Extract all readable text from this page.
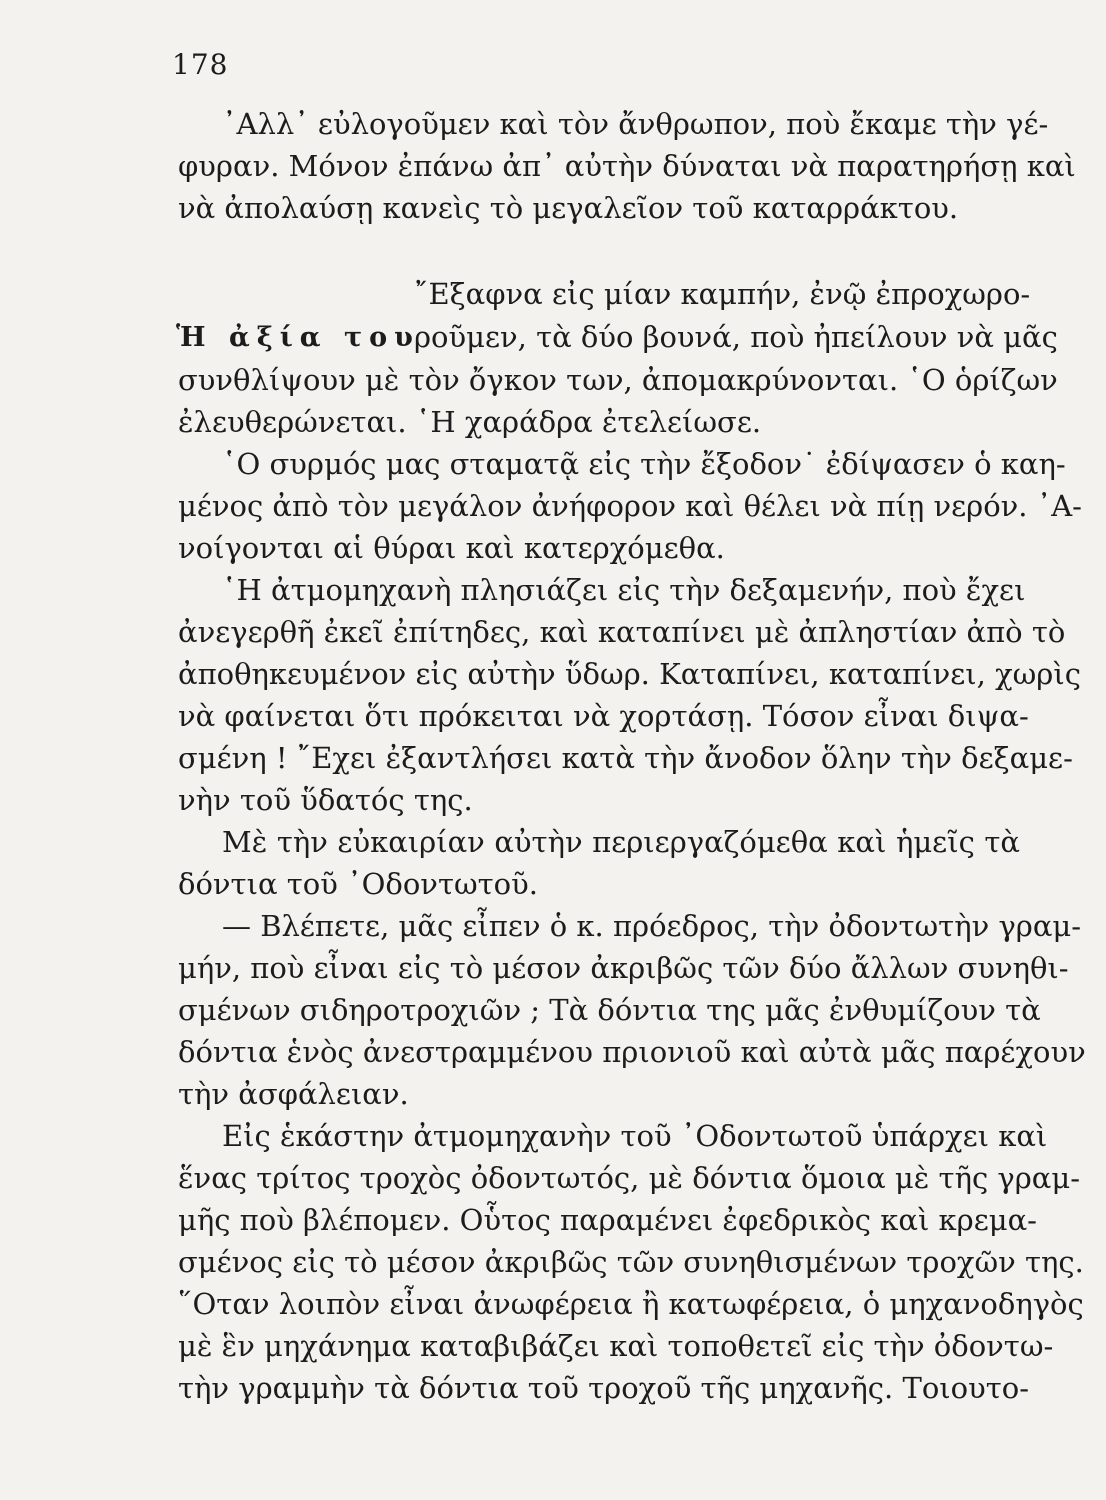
178
Ἡ ἀξία του
᾿Αλλ᾿ εὐλογοῦμεν καὶ τὸν ἄνθρωπον, ποὺ ἔκαμε τὴν γέ-
φυραν. Μόνον ἐπάνω ἀπ᾿ αὐτὴν δύναται νὰ παρατηρήσῃ καὶ
νὰ ἀπολαύσῃ κανεὶς τὸ μεγαλεῖον τοῦ καταρράκτου.
῎Εξαφνα εἰς μίαν καμπήν, ἐνῷ ἐπροχωρο-
ροῦμεν, τὰ δύο βουνά, ποὺ ἠπείλουν νὰ μᾶς
συνθλίψουν μὲ τὸν ὄγκον των, ἀπομακρύνονται. ῾Ο ὁρίζων
ἐλευθερώνεται. ῾Η χαράδρα ἐτελείωσε.
῾Ο συρμός μας σταματᾷ εἰς τὴν ἔξοδον˙ ἐδίψασεν ὁ καη-
μένος ἀπὸ τὸν μεγάλον ἀνήφορον καὶ θέλει νὰ πίῃ νερόν. ᾿Α-
νοίγονται αἱ θύραι καὶ κατερχόμεθα.
῾Η ἀτμομηχανὴ πλησιάζει εἰς τὴν δεξαμενήν, ποὺ ἔχει
ἀνεγερθῆ ἐκεῖ ἐπίτηδες, καὶ καταπίνει μὲ ἀπληστίαν ἀπὸ τὸ
ἀποθηκευμένον εἰς αὐτὴν ὕδωρ. Καταπίνει, καταπίνει, χωρὶς
νὰ φαίνεται ὅτι πρόκειται νὰ χορτάσῃ. Τόσον εἶναι διψα-
σμένη ! ῎Εχει ἐξαντλήσει κατὰ τὴν ἄνοδον ὅλην τὴν δεξαμε-
νὴν τοῦ ὕδατός της.
Μὲ τὴν εὐκαιρίαν αὐτὴν περιεργαζόμεθα καὶ ἡμεῖς τὰ
δόντια τοῦ ᾿Οδοντωτοῦ.
— Βλέπετε, μᾶς εἶπεν ὁ κ. πρόεδρος, τὴν ὀδοντωτὴν γραμ-
μήν, ποὺ εἶναι εἰς τὸ μέσον ἀκριβῶς τῶν δύο ἄλλων συνηθι-
σμένων σιδηροτροχιῶν ; Τὰ δόντια της μᾶς ἐνθυμίζουν τὰ
δόντια ἑνὸς ἀνεστραμμένου πριονιοῦ καὶ αὐτὰ μᾶς παρέχουν
τὴν ἀσφάλειαν.
Εἰς ἑκάστην ἀτμομηχανὴν τοῦ ᾿Οδοντωτοῦ ὑπάρχει καὶ
ἕνας τρίτος τροχὸς ὀδοντωτός, μὲ δόντια ὅμοια μὲ τῆς γραμ-
μῆς ποὺ βλέπομεν. Οὗτος παραμένει ἐφεδρικὸς καὶ κρεμα-
σμένος εἰς τὸ μέσον ἀκριβῶς τῶν συνηθισμένων τροχῶν της.
῞Οταν λοιπὸν εἶναι ἀνωφέρεια ἢ κατωφέρεια, ὁ μηχανοδηγὸς
μὲ ἓν μηχάνημα καταβιβάζει καὶ τοποθετεῖ εἰς τὴν ὀδοντω-
τὴν γραμμὴν τὰ δόντια τοῦ τροχοῦ τῆς μηχανῆς. Τοιουτο-
